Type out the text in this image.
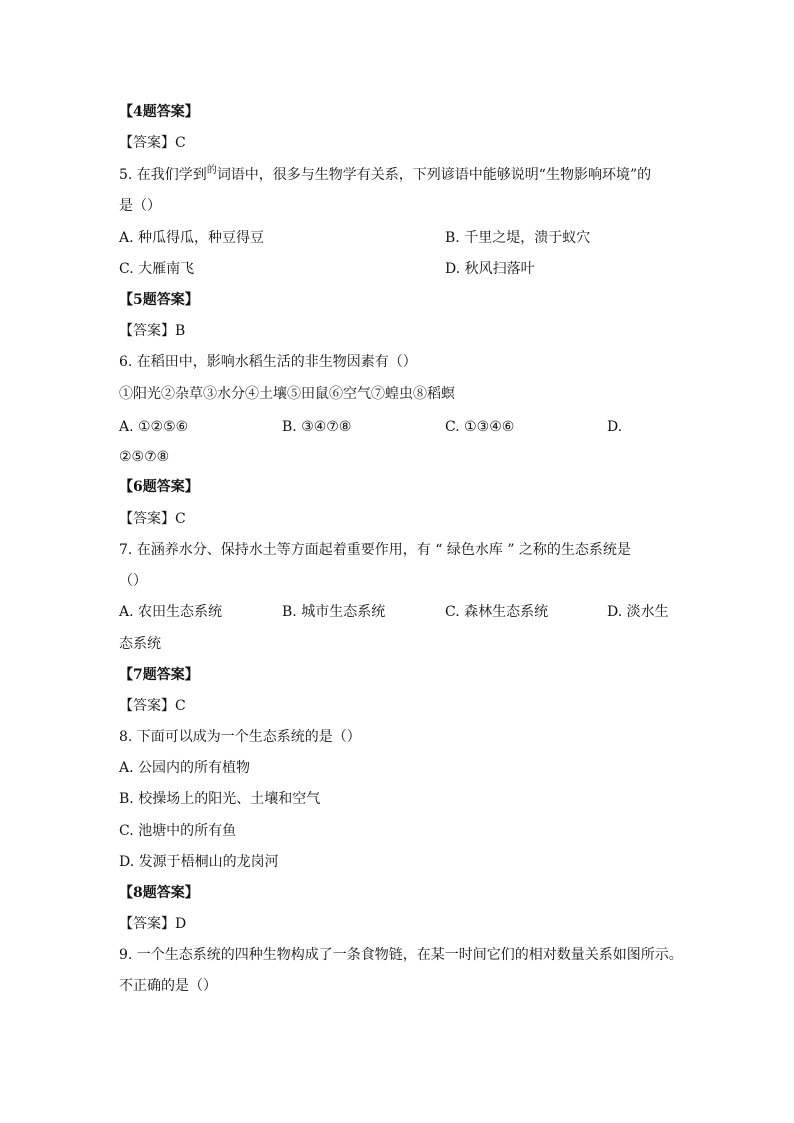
【4题答案】
【答案】C
5. 在我们学到$^的$词语中，很多与生物学有关系，下列谚语中能够说明“生物影响环境”的
是（）
A. 种瓜得瓜，种豆得豆	B. 千里之堤，溃于蚁穴
C. 大雁南飞	D. 秋风扫落叶
【5题答案】
【答案】B
6. 在稻田中，影响水稻生活的非生物因素有（）
①阳光②杂草③水分④土壤⑤田鼠⑥空气⑦蝗虫⑧稻螟
A. ①②⑤⑥	B. ③④⑦⑧	C. ①③④⑥	D.
②⑤⑦⑧
【6题答案】
【答案】C
7. 在涵养水分、保持水土等方面起着重要作用，有 “ 绿色水库 ” 之称的生态系统是
（）
A. 农田生态系统	B. 城市生态系统	C. 森林生态系统	D. 淡水生
态系统
【7题答案】
【答案】C
8. 下面可以成为一个生态系统的是（）
A. 公园内的所有植物
B. 校操场上的阳光、土壤和空气
C. 池塘中的所有鱼
D. 发源于梧桐山的龙岗河
【8题答案】
【答案】D
9. 一个生态系统的四种生物构成了一条食物链，在某一时间它们的相对数量关系如图所示。
不正确的是（）
